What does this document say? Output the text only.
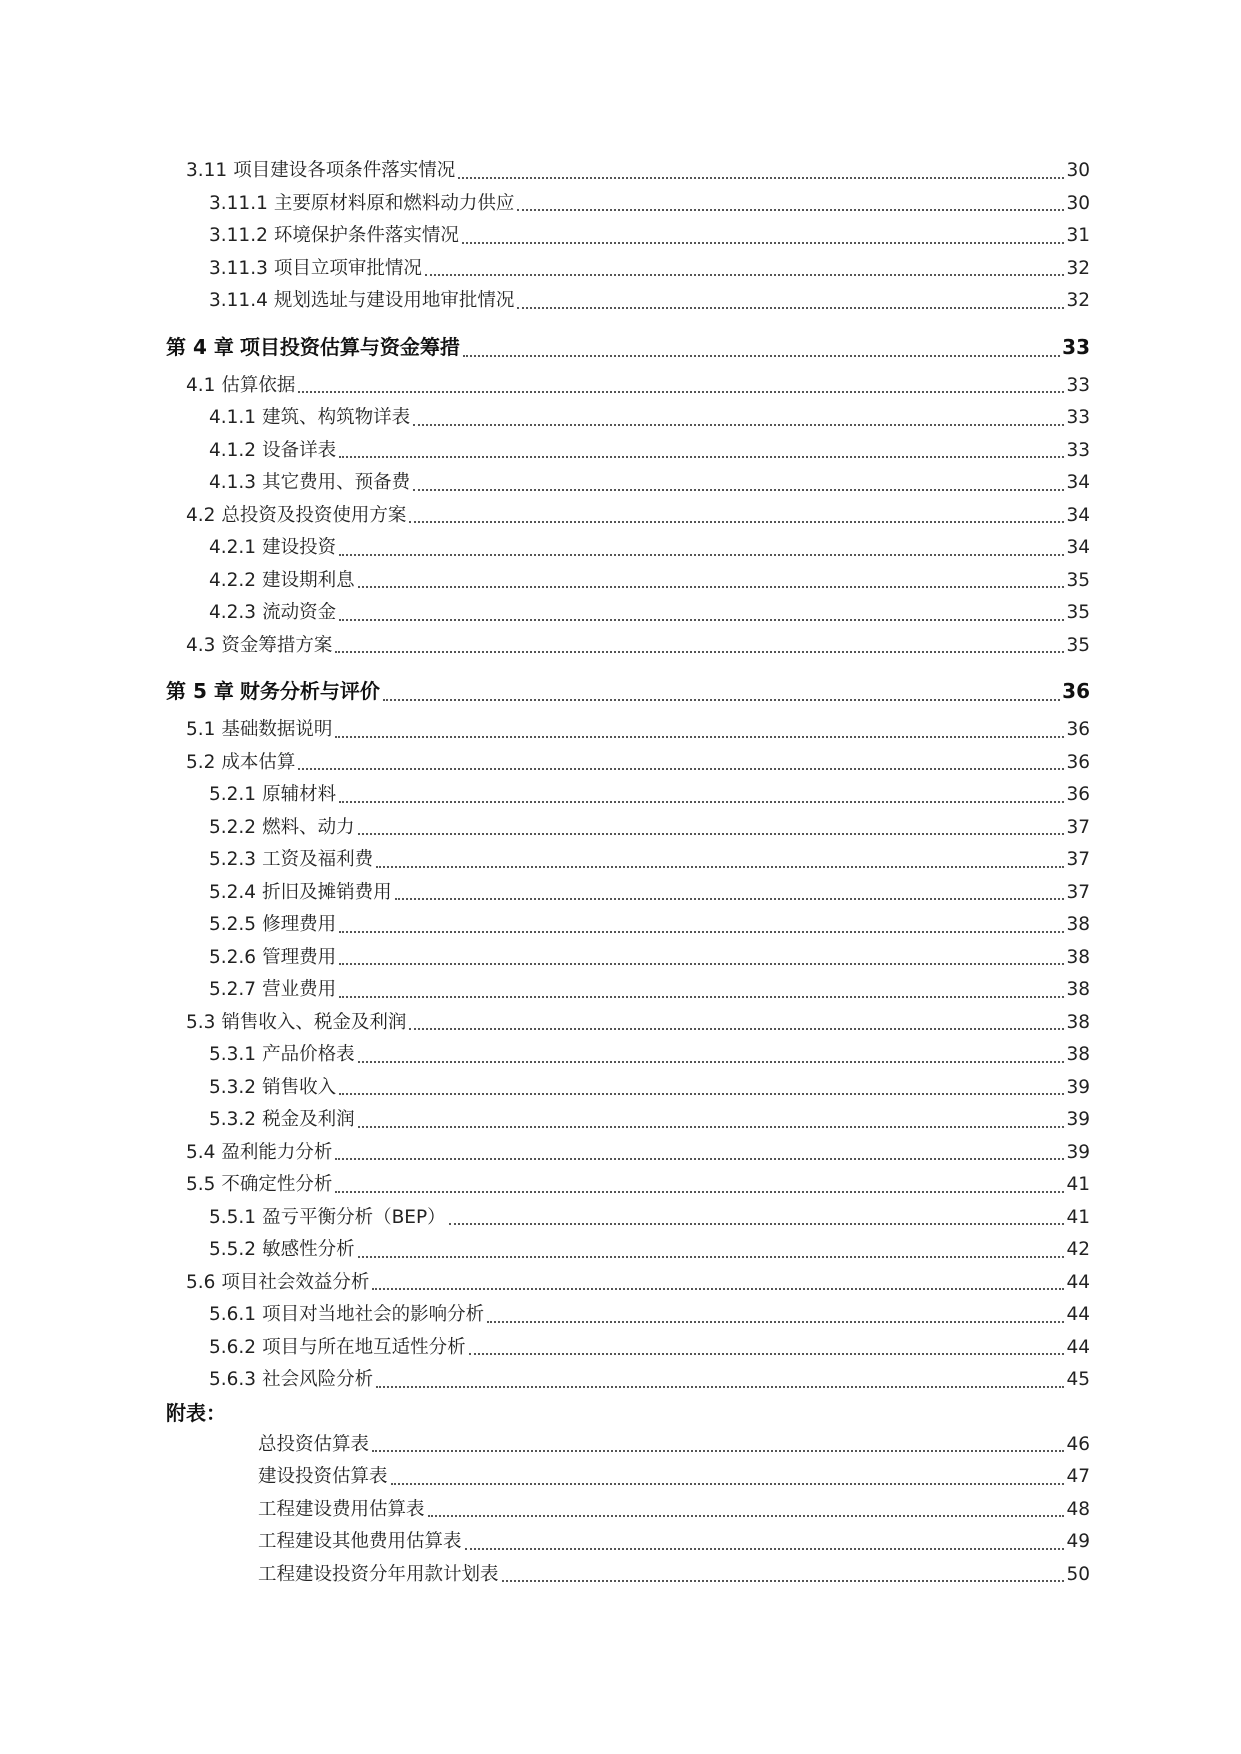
3.11 项目建设各项条件落实情况	30
3.11.1 主要原材料原和燃料动力供应	30
3.11.2 环境保护条件落实情况	31
3.11.3 项目立项审批情况	32
3.11.4 规划选址与建设用地审批情况	32
第 4 章 项目投资估算与资金筹措	33
4.1 估算依据	33
4.1.1 建筑、构筑物详表	33
4.1.2 设备详表	33
4.1.3 其它费用、预备费	34
4.2 总投资及投资使用方案	34
4.2.1 建设投资	34
4.2.2 建设期利息	35
4.2.3 流动资金	35
4.3 资金筹措方案	35
第 5 章 财务分析与评价	36
5.1 基础数据说明	36
5.2 成本估算	36
5.2.1 原辅材料	36
5.2.2 燃料、动力	37
5.2.3 工资及福利费	37
5.2.4 折旧及摊销费用	37
5.2.5 修理费用	38
5.2.6 管理费用	38
5.2.7 营业费用	38
5.3 销售收入、税金及利润	38
5.3.1 产品价格表	38
5.3.2 销售收入	39
5.3.2 税金及利润	39
5.4 盈利能力分析	39
5.5 不确定性分析	41
5.5.1 盈亏平衡分析（BEP）	41
5.5.2 敏感性分析	42
5.6 项目社会效益分析	44
5.6.1 项目对当地社会的影响分析	44
5.6.2 项目与所在地互适性分析	44
5.6.3 社会风险分析	45
附表：
总投资估算表	46
建设投资估算表	47
工程建设费用估算表	48
工程建设其他费用估算表	49
工程建设投资分年用款计划表	50
